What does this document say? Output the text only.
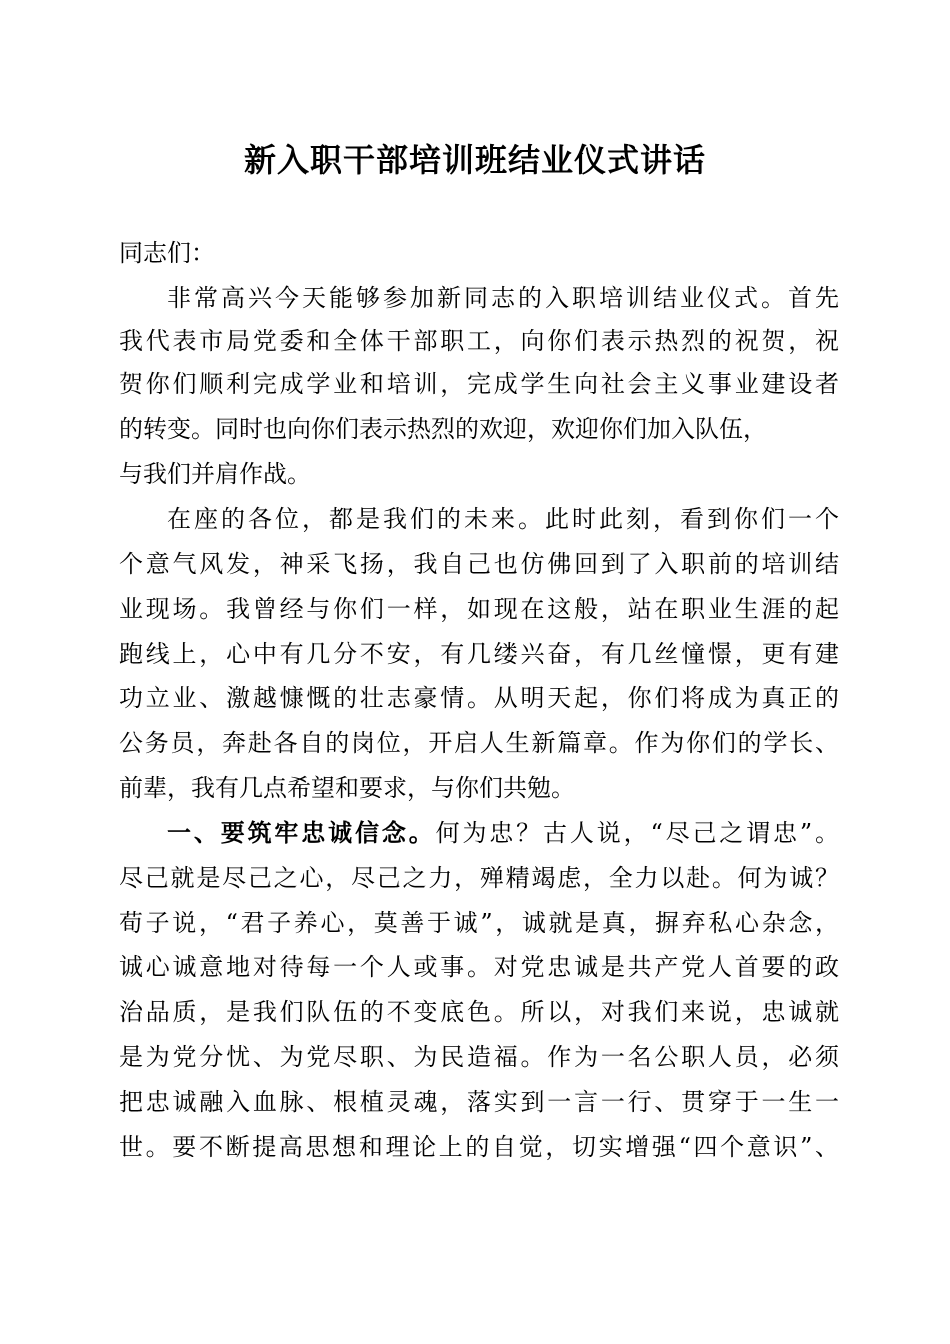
新入职干部培训班结业仪式讲话
同志们：
非常高兴今天能够参加新同志的入职培训结业仪式。首先
我代表市局党委和全体干部职工，向你们表示热烈的祝贺，祝
贺你们顺利完成学业和培训，完成学生向社会主义事业建设者
的转变。同时也向你们表示热烈的欢迎，欢迎你们加入队伍，
与我们并肩作战。
在座的各位，都是我们的未来。此时此刻，看到你们一个
个意气风发，神采飞扬，我自己也仿佛回到了入职前的培训结
业现场。我曾经与你们一样，如现在这般，站在职业生涯的起
跑线上，心中有几分不安，有几缕兴奋，有几丝憧憬，更有建
功立业、激越慷慨的壮志豪情。从明天起，你们将成为真正的
公务员，奔赴各自的岗位，开启人生新篇章。作为你们的学长、
前辈，我有几点希望和要求，与你们共勉。
一、要筑牢忠诚信念。何为忠？古人说，“尽己之谓忠”。
尽己就是尽己之心，尽己之力，殚精竭虑，全力以赴。何为诚？
荀子说，“君子养心，莫善于诚”，诚就是真，摒弃私心杂念，
诚心诚意地对待每一个人或事。对党忠诚是共产党人首要的政
治品质，是我们队伍的不变底色。所以，对我们来说，忠诚就
是为党分忧、为党尽职、为民造福。作为一名公职人员，必须
把忠诚融入血脉、根植灵魂，落实到一言一行、贯穿于一生一
世。要不断提高思想和理论上的自觉，切实增强“四个意识”、
